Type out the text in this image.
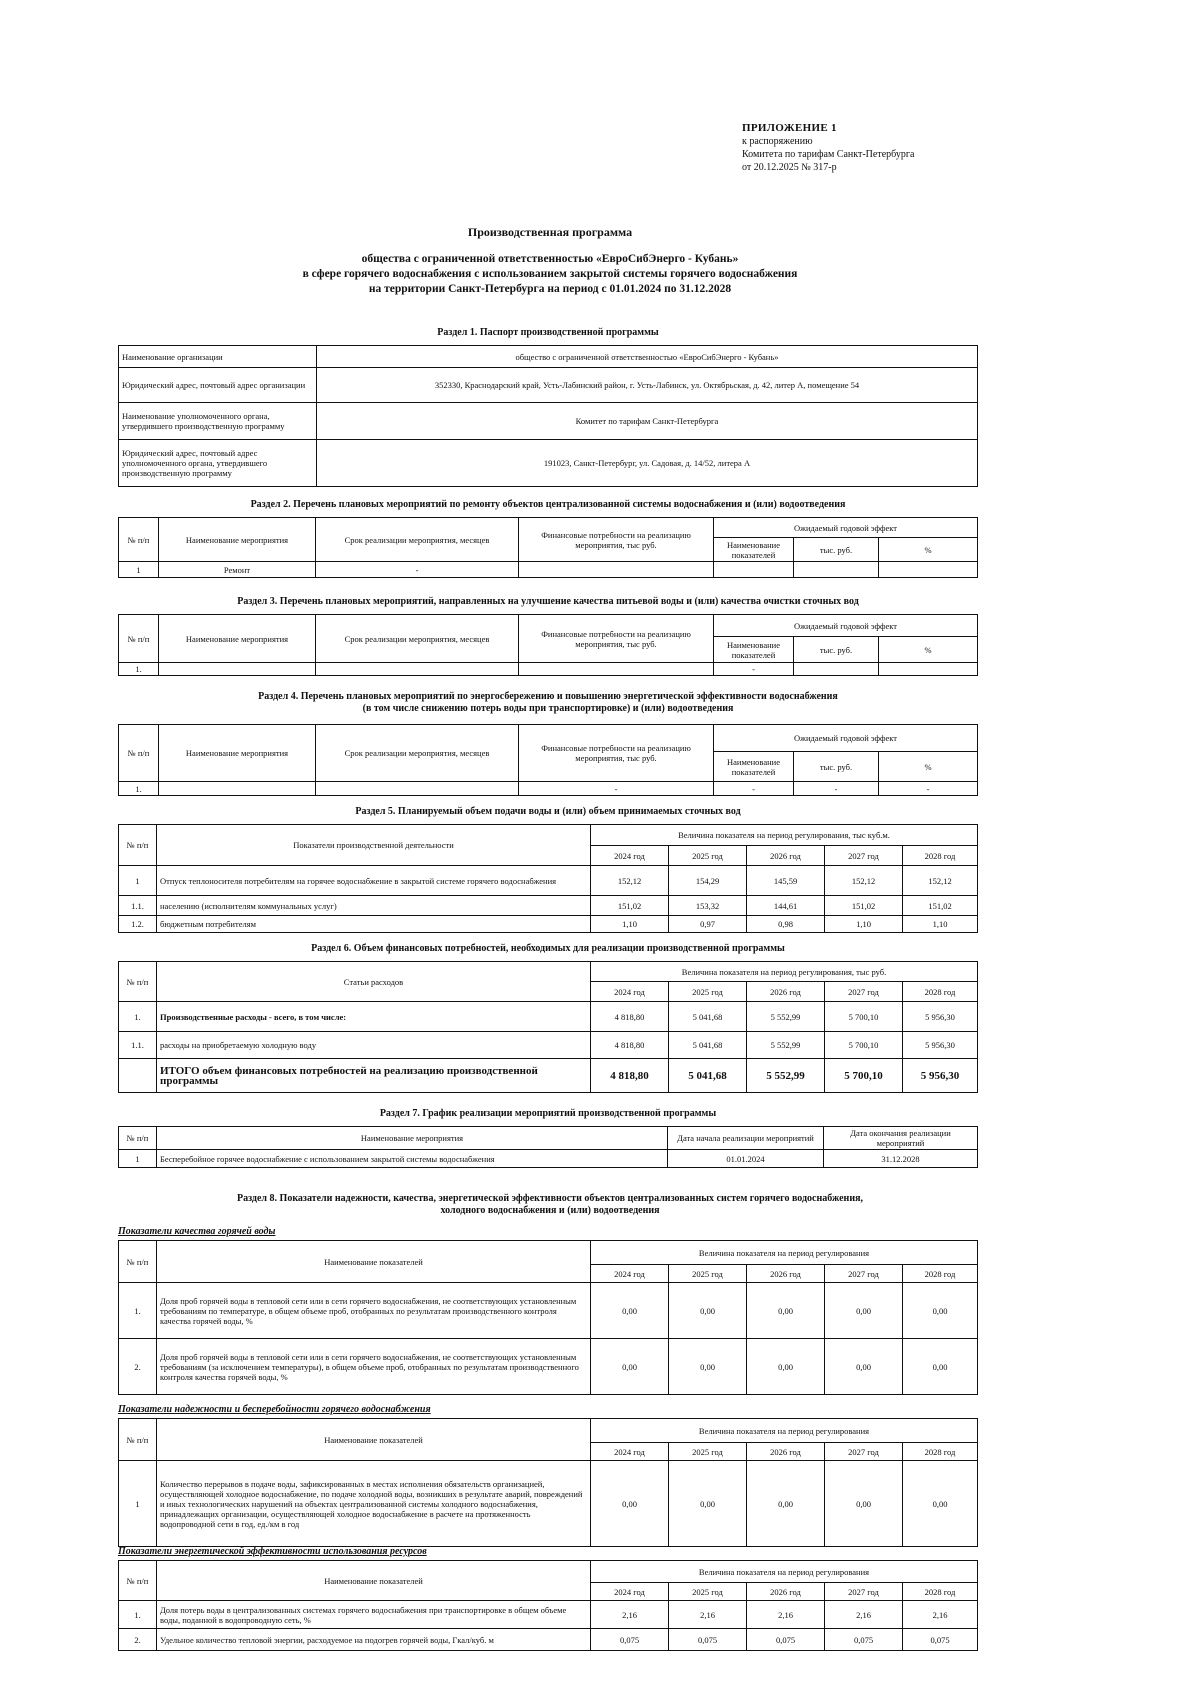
ПРИЛОЖЕНИЕ 1
к распоряжению
Комитета по тарифам Санкт-Петербурга
от 20.12.2025 № 317-р
Производственная программа
общества с ограниченной ответственностью «ЕвроСибЭнерго - Кубань»
в сфере горячего водоснабжения с использованием закрытой системы горячего водоснабжения
на территории Санкт-Петербурга на период с 01.01.2024 по 31.12.2028
Раздел 1. Паспорт производственной программы
Наименование организации	общество с ограниченной ответственностью «ЕвроСибЭнерго - Кубань»
Юридический адрес, почтовый адрес организации	352330, Краснодарский край, Усть-Лабинский район, г. Усть-Лабинск, ул. Октябрьская, д. 42, литер А, помещение 54
Наименование уполномоченного органа, утвердившего производственную программу	Комитет по тарифам Санкт-Петербурга
Юридический адрес, почтовый адрес уполномоченного органа, утвердившего производственную программу	191023, Санкт-Петербург, ул. Садовая, д. 14/52, литера А
Раздел 2. Перечень плановых мероприятий по ремонту объектов централизованной системы водоснабжения и (или) водоотведения
№ п/п	Наименование мероприятия	Срок реализации мероприятия, месяцев	Финансовые потребности на реализацию мероприятия, тыс руб.	Ожидаемый годовой эффект		
				Наименование показателей	тыс. руб.	%
1	Ремонт	-				
Раздел 3. Перечень плановых мероприятий, направленных на улучшение качества питьевой воды и (или) качества очистки сточных вод
№ п/п	Наименование мероприятия	Срок реализации мероприятия, месяцев	Финансовые потребности на реализацию мероприятия, тыс руб.	Ожидаемый годовой эффект		
				Наименование показателей	тыс. руб.	%
1.				-		
Раздел 4. Перечень плановых мероприятий по энергосбережению и повышению энергетической эффективности водоснабжения
(в том числе снижению потерь воды при транспортировке) и (или) водоотведения
№ п/п	Наименование мероприятия	Срок реализации мероприятия, месяцев	Финансовые потребности на реализацию мероприятия, тыс руб.	Ожидаемый годовой эффект		
				Наименование показателей	тыс. руб.	%
1.			-	-	-	-
Раздел 5. Планируемый объем подачи воды и (или) объем принимаемых сточных вод
№ п/п	Показатели производственной деятельности	Величина показателя на период регулирования, тыс куб.м.				
		2024 год	2025 год	2026 год	2027 год	2028 год
1	Отпуск теплоносителя потребителям на горячее водоснабжение в закрытой системе горячего водоснабжения	152,12	154,29	145,59	152,12	152,12
1.1.	населению (исполнителям коммунальных услуг)	151,02	153,32	144,61	151,02	151,02
1.2.	бюджетным потребителям	1,10	0,97	0,98	1,10	1,10
Раздел 6. Объем финансовых потребностей, необходимых для реализации производственной программы
№ п/п	Статьи расходов	Величина показателя на период регулирования, тыс руб.				
		2024 год	2025 год	2026 год	2027 год	2028 год
1.	Производственные расходы - всего, в том числе:	4 818,80	5 041,68	5 552,99	5 700,10	5 956,30
1.1.	расходы на приобретаемую холодную воду	4 818,80	5 041,68	5 552,99	5 700,10	5 956,30
	ИТОГО объем финансовых потребностей на реализацию производственной программы	4 818,80	5 041,68	5 552,99	5 700,10	5 956,30
Раздел 7. График реализации мероприятий производственной программы
№ п/п	Наименование мероприятия	Дата начала реализации мероприятий	Дата окончания реализации мероприятий
1	Бесперебойное горячее водоснабжение с использованием закрытой системы водоснабжения	01.01.2024	31.12.2028
Раздел 8. Показатели надежности, качества, энергетической эффективности объектов централизованных систем горячего водоснабжения,
холодного водоснабжения и (или) водоотведения
Показатели качества горячей воды
№ п/п	Наименование показателей	Величина показателя на период регулирования				
		2024 год	2025 год	2026 год	2027 год	2028 год
1.	Доля проб горячей воды в тепловой сети или в сети горячего водоснабжения, не соответствующих установленным требованиям по температуре, в общем объеме проб, отобранных по результатам производственного контроля качества горячей воды, %	0,00	0,00	0,00	0,00	0,00
2.	Доля проб горячей воды в тепловой сети или в сети горячего водоснабжения, не соответствующих установленным требованиям (за исключением температуры), в общем объеме проб, отобранных по результатам производственного контроля качества горячей воды, %	0,00	0,00	0,00	0,00	0,00
Показатели надежности и бесперебойности горячего водоснабжения
№ п/п	Наименование показателей	Величина показателя на период регулирования				
		2024 год	2025 год	2026 год	2027 год	2028 год
1	Количество перерывов в подаче воды, зафиксированных в местах исполнения обязательств организацией, осуществляющей холодное водоснабжение, по подаче холодной воды, возникших в результате аварий, повреждений и иных технологических нарушений на объектах централизованной системы холодного водоснабжения, принадлежащих организации, осуществляющей холодное водоснабжение в расчете на протяженность водопроводной сети в год, ед./км в год	0,00	0,00	0,00	0,00	0,00
Показатели энергетической эффективности использования ресурсов
№ п/п	Наименование показателей	Величина показателя на период регулирования				
		2024 год	2025 год	2026 год	2027 год	2028 год
1.	Доля потерь воды в централизованных системах горячего водоснабжения при транспортировке в общем объеме воды, поданной в водопроводную сеть, %	2,16	2,16	2,16	2,16	2,16
2.	Удельное количество тепловой энергии, расходуемое на подогрев горячей воды, Гкал/куб. м	0,075	0,075	0,075	0,075	0,075
